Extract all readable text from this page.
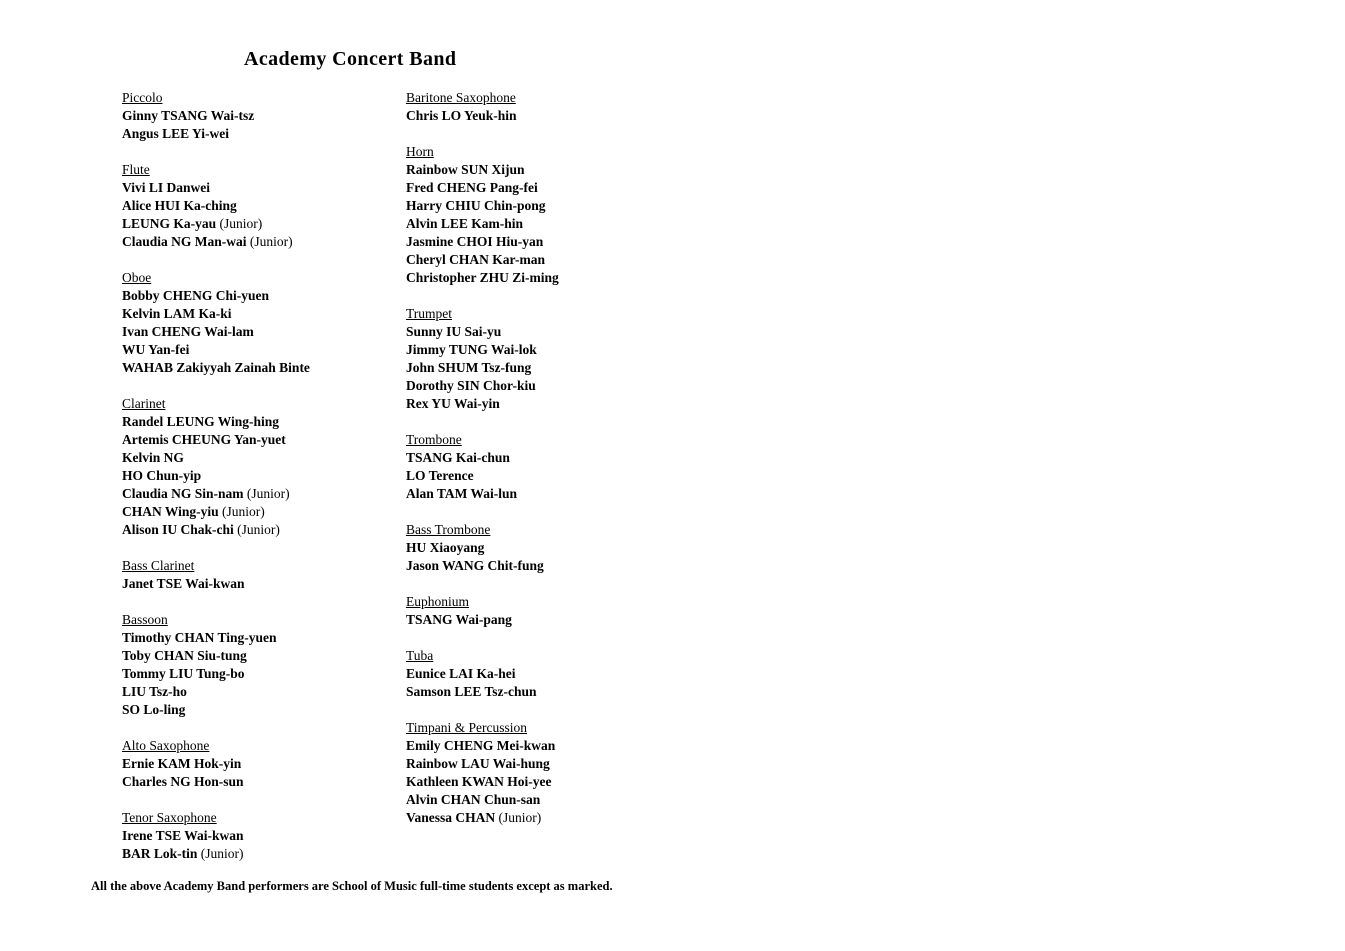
Academy Concert Band
Piccolo
Ginny TSANG Wai-tsz
Angus LEE Yi-wei
Flute
Vivi LI Danwei
Alice HUI Ka-ching
LEUNG Ka-yau (Junior)
Claudia NG Man-wai (Junior)
Oboe
Bobby CHENG Chi-yuen
Kelvin LAM Ka-ki
Ivan CHENG Wai-lam
WU Yan-fei
WAHAB Zakiyyah Zainah Binte
Clarinet
Randel LEUNG Wing-hing
Artemis CHEUNG Yan-yuet
Kelvin NG
HO Chun-yip
Claudia NG Sin-nam (Junior)
CHAN Wing-yiu (Junior)
Alison IU Chak-chi (Junior)
Bass Clarinet
Janet TSE Wai-kwan
Bassoon
Timothy CHAN Ting-yuen
Toby CHAN Siu-tung
Tommy LIU Tung-bo
LIU Tsz-ho
SO Lo-ling
Alto Saxophone
Ernie KAM Hok-yin
Charles NG Hon-sun
Tenor Saxophone
Irene TSE Wai-kwan
BAR Lok-tin (Junior)
Baritone Saxophone
Chris LO Yeuk-hin
Horn
Rainbow SUN Xijun
Fred CHENG Pang-fei
Harry CHIU Chin-pong
Alvin LEE Kam-hin
Jasmine CHOI Hiu-yan
Cheryl CHAN Kar-man
Christopher ZHU Zi-ming
Trumpet
Sunny IU Sai-yu
Jimmy TUNG Wai-lok
John SHUM Tsz-fung
Dorothy SIN Chor-kiu
Rex YU Wai-yin
Trombone
TSANG Kai-chun
LO Terence
Alan TAM Wai-lun
Bass Trombone
HU Xiaoyang
Jason WANG Chit-fung
Euphonium
TSANG Wai-pang
Tuba
Eunice LAI Ka-hei
Samson LEE Tsz-chun
Timpani & Percussion
Emily CHENG Mei-kwan
Rainbow LAU Wai-hung
Kathleen KWAN Hoi-yee
Alvin CHAN Chun-san
Vanessa CHAN (Junior)
All the above Academy Band performers are School of Music full-time students except as marked.
